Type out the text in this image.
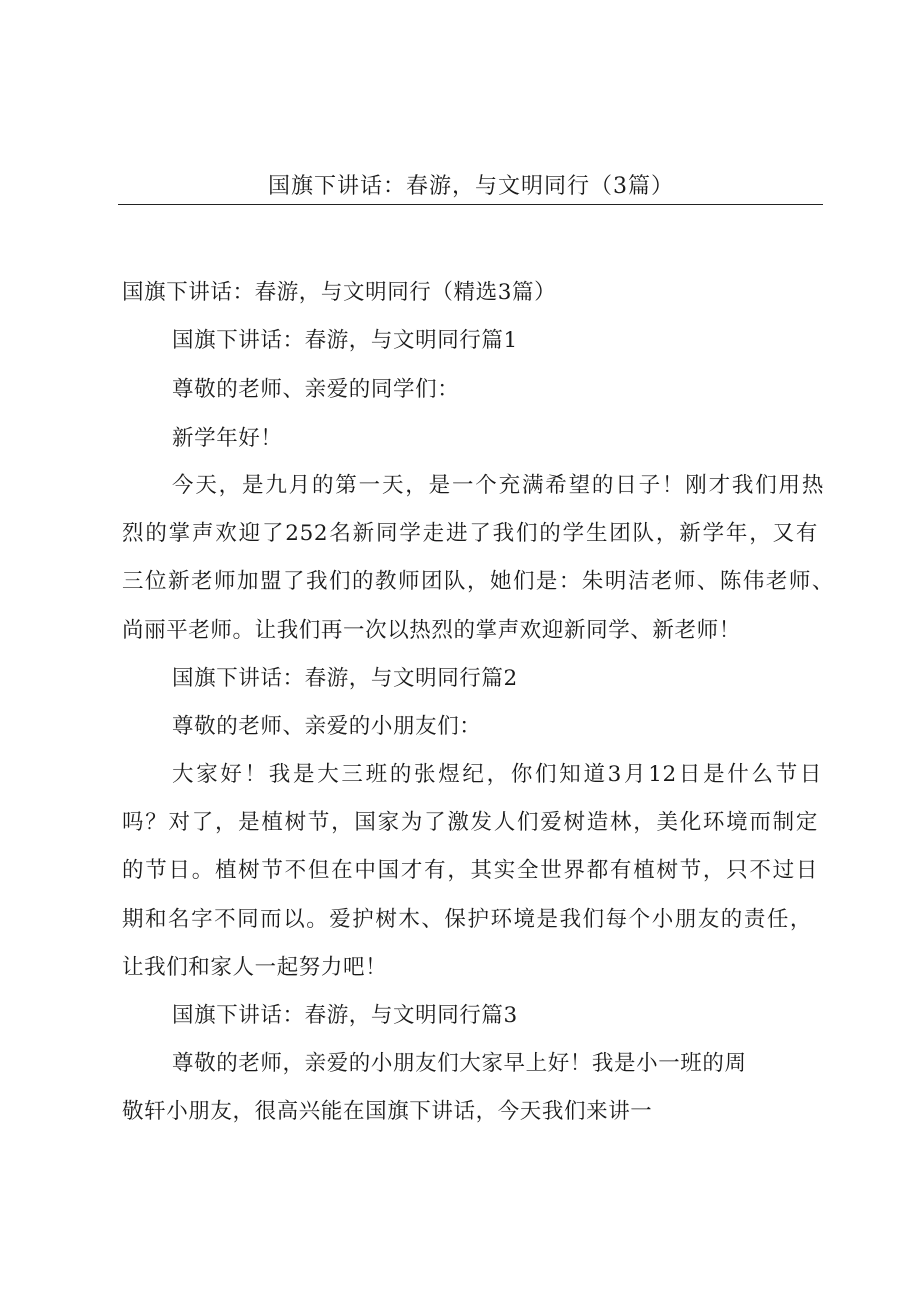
国旗下讲话：春游，与文明同行（3篇）
国旗下讲话：春游，与文明同行（精选3篇）
国旗下讲话：春游，与文明同行篇1
尊敬的老师、亲爱的同学们：
新学年好！
今天，是九月的第一天，是一个充满希望的日子！刚才我们用热
烈的掌声欢迎了252名新同学走进了我们的学生团队，新学年，又有
三位新老师加盟了我们的教师团队，她们是：朱明洁老师、陈伟老师、
尚丽平老师。让我们再一次以热烈的掌声欢迎新同学、新老师！
国旗下讲话：春游，与文明同行篇2
尊敬的老师、亲爱的小朋友们：
大家好！我是大三班的张煜纪，你们知道3月12日是什么节日
吗？对了，是植树节，国家为了激发人们爱树造林，美化环境而制定
的节日。植树节不但在中国才有，其实全世界都有植树节，只不过日
期和名字不同而以。爱护树木、保护环境是我们每个小朋友的责任，
让我们和家人一起努力吧！
国旗下讲话：春游，与文明同行篇3
尊敬的老师，亲爱的小朋友们大家早上好！我是小一班的周
敬轩小朋友，很高兴能在国旗下讲话，今天我们来讲一
